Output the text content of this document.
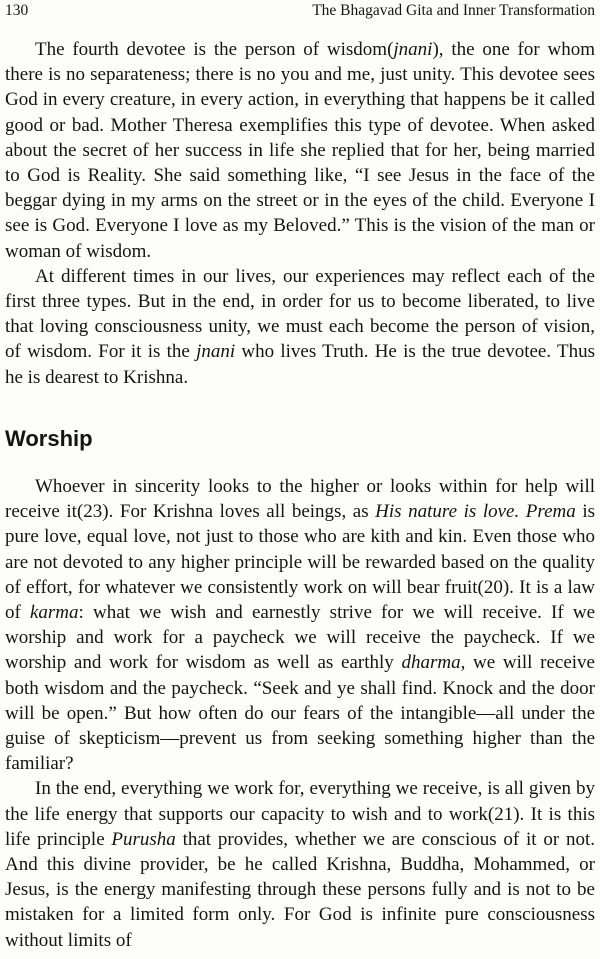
130	The Bhagavad Gita and Inner Transformation

The fourth devotee is the person of wisdom(jnani), the one for whom there is no separateness; there is no you and me, just unity. This devotee sees God in every creature, in every action, in everything that happens be it called good or bad. Mother Theresa exemplifies this type of devotee. When asked about the secret of her success in life she replied that for her, being married to God is Reality. She said something like, “I see Jesus in the face of the beggar dying in my arms on the street or in the eyes of the child. Everyone I see is God. Everyone I love as my Beloved.” This is the vision of the man or woman of wisdom.

At different times in our lives, our experiences may reflect each of the first three types. But in the end, in order for us to become liberated, to live that loving consciousness unity, we must each become the person of vision, of wisdom. For it is the jnani who lives Truth. He is the true devotee. Thus he is dearest to Krishna.

Worship

Whoever in sincerity looks to the higher or looks within for help will receive it(23). For Krishna loves all beings, as His nature is love. Prema is pure love, equal love, not just to those who are kith and kin. Even those who are not devoted to any higher principle will be rewarded based on the quality of effort, for whatever we consistently work on will bear fruit(20). It is a law of karma: what we wish and earnestly strive for we will receive. If we worship and work for a paycheck we will receive the paycheck. If we worship and work for wisdom as well as earthly dharma, we will receive both wisdom and the paycheck. “Seek and ye shall find. Knock and the door will be open.” But how often do our fears of the intangible—all under the guise of skepticism—prevent us from seeking something higher than the familiar?

In the end, everything we work for, everything we receive, is all given by the life energy that supports our capacity to wish and to work(21). It is this life principle Purusha that provides, whether we are conscious of it or not. And this divine provider, be he called Krishna, Buddha, Mohammed, or Jesus, is the energy manifesting through these persons fully and is not to be mistaken for a limited form only. For God is infinite pure consciousness without limits of
